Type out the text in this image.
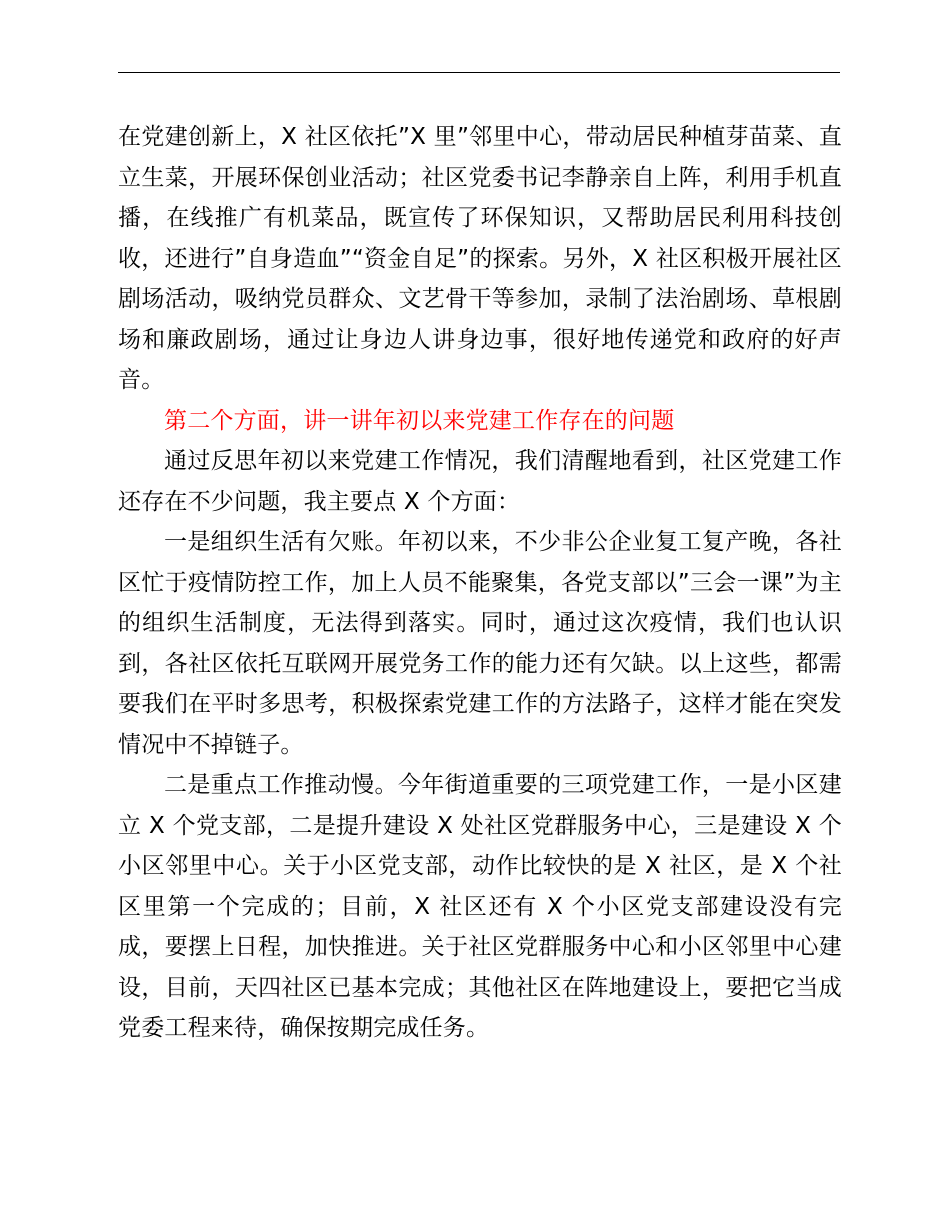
在党建创新上，X 社区依托”X 里”邻里中心，带动居民种植芽苗菜、直立生菜，开展环保创业活动；社区党委书记李静亲自上阵，利用手机直播，在线推广有机菜品，既宣传了环保知识，又帮助居民利用科技创收，还进行”自身造血”“资金自足”的探索。另外，X 社区积极开展社区剧场活动，吸纳党员群众、文艺骨干等参加，录制了法治剧场、草根剧场和廉政剧场，通过让身边人讲身边事，很好地传递党和政府的好声音。

第二个方面，讲一讲年初以来党建工作存在的问题

通过反思年初以来党建工作情况，我们清醒地看到，社区党建工作还存在不少问题，我主要点 X 个方面：

一是组织生活有欠账。年初以来，不少非公企业复工复产晚，各社区忙于疫情防控工作，加上人员不能聚集，各党支部以”三会一课”为主的组织生活制度，无法得到落实。同时，通过这次疫情，我们也认识到，各社区依托互联网开展党务工作的能力还有欠缺。以上这些，都需要我们在平时多思考，积极探索党建工作的方法路子，这样才能在突发情况中不掉链子。

二是重点工作推动慢。今年街道重要的三项党建工作，一是小区建立 X 个党支部，二是提升建设 X 处社区党群服务中心，三是建设 X 个小区邻里中心。关于小区党支部，动作比较快的是 X 社区，是 X 个社区里第一个完成的；目前，X 社区还有 X 个小区党支部建设没有完成，要摆上日程，加快推进。关于社区党群服务中心和小区邻里中心建设，目前，天四社区已基本完成；其他社区在阵地建设上，要把它当成党委工程来待，确保按期完成任务。
